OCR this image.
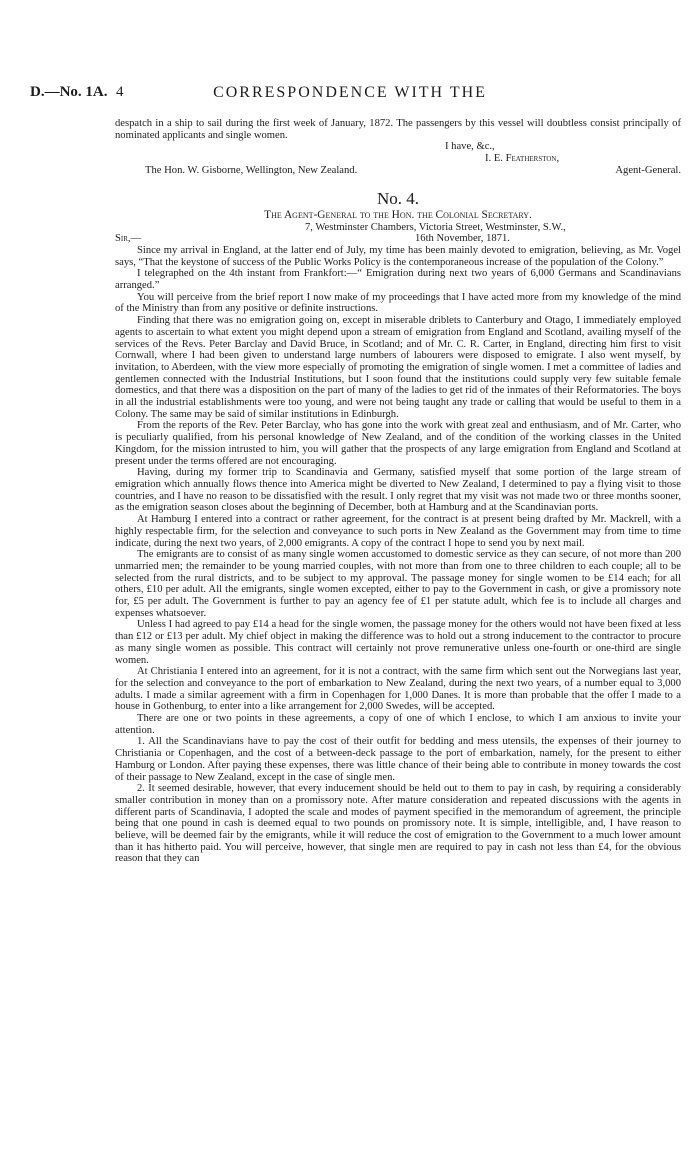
D.—No. 1A. 4	CORRESPONDENCE WITH THE
despatch in a ship to sail during the first week of January, 1872. The passengers by this vessel will doubtless consist principally of nominated applicants and single women.
I have, &c.,
I. E. Featherston,
The Hon. W. Gisborne, Wellington, New Zealand.	Agent-General.
No. 4.
The Agent-General to the Hon. the Colonial Secretary.
7, Westminster Chambers, Victoria Street, Westminster, S.W.,
Sir,—	16th November, 1871.

Since my arrival in England, at the latter end of July, my time has been mainly devoted to emigration, believing, as Mr. Vogel says, “That the keystone of success of the Public Works Policy is the contemporaneous increase of the population of the Colony.”

I telegraphed on the 4th instant from Frankfort:—“ Emigration during next two years of 6,000 Germans and Scandinavians arranged.”

You will perceive from the brief report I now make of my proceedings that I have acted more from my knowledge of the mind of the Ministry than from any positive or definite instructions.

Finding that there was no emigration going on, except in miserable driblets to Canterbury and Otago, I immediately employed agents to ascertain to what extent you might depend upon a stream of emigration from England and Scotland, availing myself of the services of the Revs. Peter Barclay and David Bruce, in Scotland; and of Mr. C. R. Carter, in England, directing him first to visit Cornwall, where I had been given to understand large numbers of labourers were disposed to emigrate. I also went myself, by invitation, to Aberdeen, with the view more especially of promoting the emigration of single women. I met a committee of ladies and gentlemen connected with the Industrial Institutions, but I soon found that the institutions could supply very few suitable female domestics, and that there was a disposition on the part of many of the ladies to get rid of the inmates of their Reformatories. The boys in all the industrial establishments were too young, and were not being taught any trade or calling that would be useful to them in a Colony. The same may be said of similar institutions in Edinburgh.

From the reports of the Rev. Peter Barclay, who has gone into the work with great zeal and enthusiasm, and of Mr. Carter, who is peculiarly qualified, from his personal knowledge of New Zealand, and of the condition of the working classes in the United Kingdom, for the mission intrusted to him, you will gather that the prospects of any large emigration from England and Scotland at present under the terms offered are not encouraging.

Having, during my former trip to Scandinavia and Germany, satisfied myself that some portion of the large stream of emigration which annually flows thence into America might be diverted to New Zealand, I determined to pay a flying visit to those countries, and I have no reason to be dissatisfied with the result. I only regret that my visit was not made two or three months sooner, as the emigration season closes about the beginning of December, both at Hamburg and at the Scandinavian ports.

At Hamburg I entered into a contract or rather agreement, for the contract is at present being drafted by Mr. Mackrell, with a highly respectable firm, for the selection and conveyance to such ports in New Zealand as the Government may from time to time indicate, during the next two years, of 2,000 emigrants. A copy of the contract I hope to send you by next mail.

The emigrants are to consist of as many single women accustomed to domestic service as they can secure, of not more than 200 unmarried men; the remainder to be young married couples, with not more than from one to three children to each couple; all to be selected from the rural districts, and to be subject to my approval. The passage money for single women to be £14 each; for all others, £10 per adult. All the emigrants, single women excepted, either to pay to the Government in cash, or give a promissory note for, £5 per adult. The Government is further to pay an agency fee of £1 per statute adult, which fee is to include all charges and expenses whatsoever.

Unless I had agreed to pay £14 a head for the single women, the passage money for the others would not have been fixed at less than £12 or £13 per adult. My chief object in making the difference was to hold out a strong inducement to the contractor to procure as many single women as possible. This contract will certainly not prove remunerative unless one-fourth or one-third are single women.

At Christiania I entered into an agreement, for it is not a contract, with the same firm which sent out the Norwegians last year, for the selection and conveyance to the port of embarkation to New Zealand, during the next two years, of a number equal to 3,000 adults. I made a similar agreement with a firm in Copenhagen for 1,000 Danes. It is more than probable that the offer I made to a house in Gothenburg, to enter into a like arrangement for 2,000 Swedes, will be accepted.

There are one or two points in these agreements, a copy of one of which I enclose, to which I am anxious to invite your attention.

1. All the Scandinavians have to pay the cost of their outfit for bedding and mess utensils, the expenses of their journey to Christiania or Copenhagen, and the cost of a between-deck passage to the port of embarkation, namely, for the present to either Hamburg or London. After paying these expenses, there was little chance of their being able to contribute in money towards the cost of their passage to New Zealand, except in the case of single men.

2. It seemed desirable, however, that every inducement should be held out to them to pay in cash, by requiring a considerably smaller contribution in money than on a promissory note. After mature consideration and repeated discussions with the agents in different parts of Scandinavia, I adopted the scale and modes of payment specified in the memorandum of agreement, the principle being that one pound in cash is deemed equal to two pounds on promissory note. It is simple, intelligible, and, I have reason to believe, will be deemed fair by the emigrants, while it will reduce the cost of emigration to the Government to a much lower amount than it has hitherto paid. You will perceive, however, that single men are required to pay in cash not less than £4, for the obvious reason that they can
